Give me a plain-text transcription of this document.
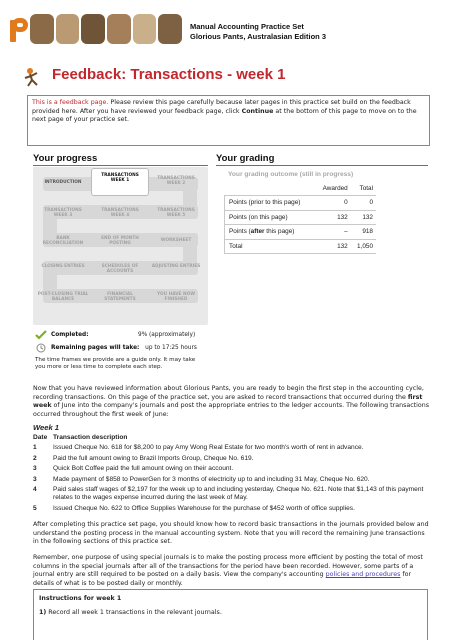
Manual Accounting Practice Set
Glorious Pants, Australasian Edition 3
Feedback: Transactions - week 1
This is a feedback page. Please review this page carefully because later pages in this practice set build on the feedback provided here. After you have reviewed your feedback page, click Continue at the bottom of this page to move on to the next page of your practice set.
Your progress	Your grading
INTRODUCTION
TRANSACTIONS WEEK 1	TRANSACTIONS WEEK 2
TRANSACTIONS WEEK 3
TRANSACTIONS WEEK 4
TRANSACTIONS WEEK 5
BANK RECONCILIATION
END OF MONTH POSTING
WORKSHEET
CLOSING ENTRIES	SCHEDULES OF ACCOUNTS
ADJUSTING ENTRIES
POST-CLOSING TRIAL BALANCE
FINANCIAL STATEMENTS
YOU HAVE NOW FINISHED
Completed:	9% (approximately)
Remaining pages will take: up to 17:25 hours
The time frames we provide are a guide only. It may take you more or less time to complete each step.
Your grading outcome (still in progress)
	Awarded	Total
Points (prior to this page)	0	0
Points (on this page)	132	132
Points (after this page)	–	918
Total	132	1,050
Now that you have reviewed information about Glorious Pants, you are ready to begin the first step in the accounting cycle, recording transactions. On this page of the practice set, you are asked to record transactions that occurred during the first week of June into the company's journals and post the appropriate entries to the ledger accounts. The following transactions occurred throughout the first week of June:
Week 1
Date	Transaction description
1	Issued Cheque No. 618 for $8,200 to pay Amy Wong Real Estate for two month's worth of rent in advance.
2	Paid the full amount owing to Brazil Imports Group, Cheque No. 619.
3	Quick Bolt Coffee paid the full amount owing on their account.
3	Made payment of $858 to PowerGen for 3 months of electricity up to and including 31 May, Cheque No. 620.
4	Paid sales staff wages of $2,197 for the week up to and including yesterday, Cheque No. 621. Note that $1,143 of this payment relates to the wages expense incurred during the last week of May.
5	Issued Cheque No. 622 to Office Supplies Warehouse for the purchase of $452 worth of office supplies.
After completing this practice set page, you should know how to record basic transactions in the journals provided below and understand the posting process in the manual accounting system. Note that you will record the remaining June transactions in the following sections of this practice set.
Remember, one purpose of using special journals is to make the posting process more efficient by posting the total of most columns in the special journals after all of the transactions for the period have been recorded. However, some parts of a journal entry are still required to be posted on a daily basis. View the company's accounting policies and procedures for details of what is to be posted daily or monthly.
Instructions for week 1
1) Record all week 1 transactions in the relevant journals.
